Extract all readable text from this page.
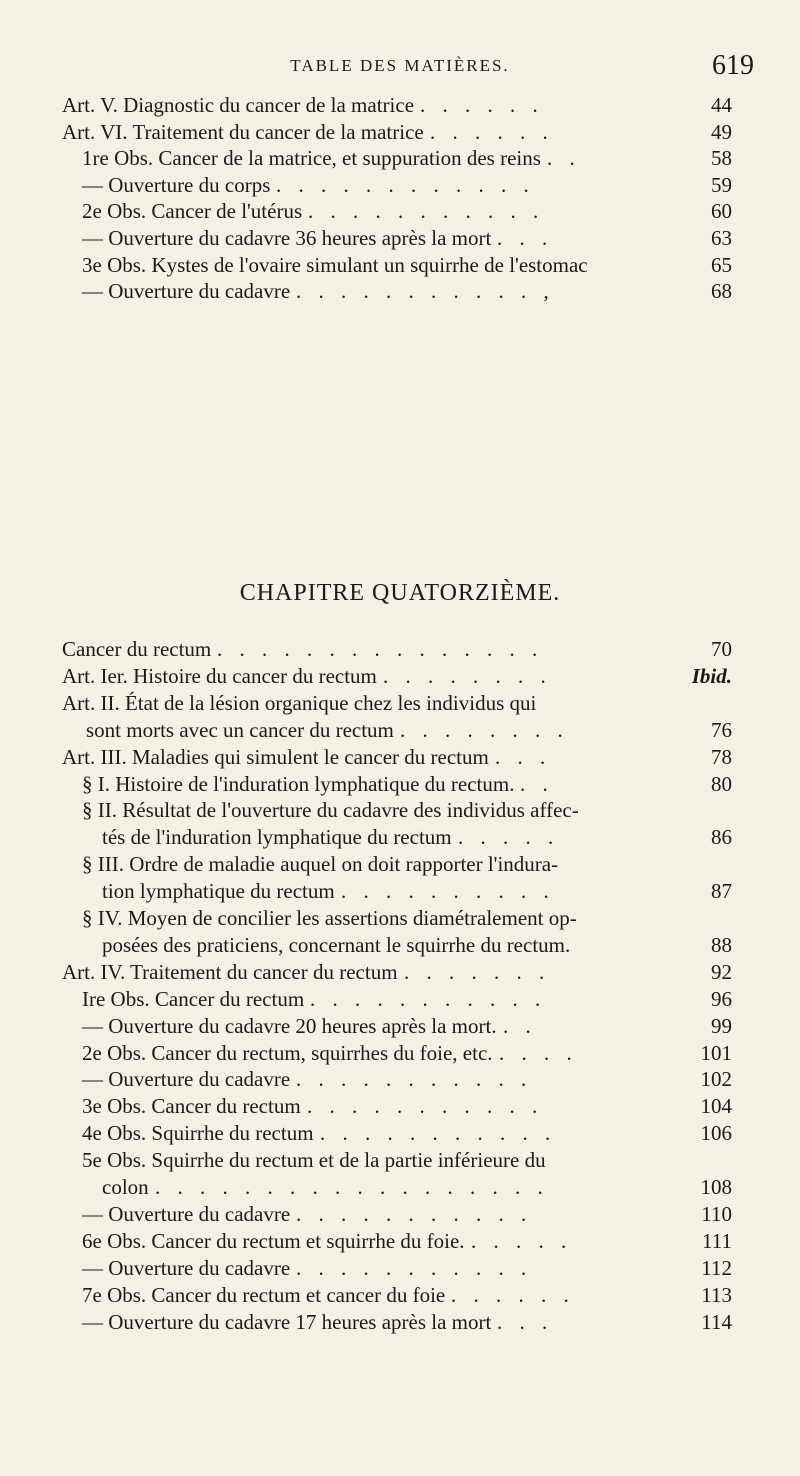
TABLE DES MATIÈRES.	619
Art. V. Diagnostic du cancer de la matrice . . . . . .	44
Art. VI. Traitement du cancer de la matrice . . . . . .	49
1re Obs. Cancer de la matrice, et suppuration des reins . .	58
— Ouverture du corps . . . . . . . . . . . .	59
2e Obs. Cancer de l'utérus . . . . . . . . . . .	60
— Ouverture du cadavre 36 heures après la mort . . .	63
3e Obs. Kystes de l'ovaire simulant un squirrhe de l'estomac	65
— Ouverture du cadavre . . . . . . . . . . . ,	68
CHAPITRE QUATORZIÈME.
Cancer du rectum . . . . . . . . . . . . . . .	70
Art. Ier. Histoire du cancer du rectum . . . . . . . .	Ibid.
Art. II. État de la lésion organique chez les individus qui
sont morts avec un cancer du rectum . . . . . . . .	76
Art. III. Maladies qui simulent le cancer du rectum . . .	78
§ I. Histoire de l'induration lymphatique du rectum. . .	80
§ II. Résultat de l'ouverture du cadavre des individus affec-
tés de l'induration lymphatique du rectum . . . . .	86
§ III. Ordre de maladie auquel on doit rapporter l'indura-
tion lymphatique du rectum . . . . . . . . . .	87
§ IV. Moyen de concilier les assertions diamétralement op-
posées des praticiens, concernant le squirrhe du rectum.	88
Art. IV. Traitement du cancer du rectum . . . . . . .	92
Ire Obs. Cancer du rectum . . . . . . . . . . .	96
— Ouverture du cadavre 20 heures après la mort. . .	99
2e Obs. Cancer du rectum, squirrhes du foie, etc. . . . .	101
— Ouverture du cadavre . . . . . . . . . . .	102
3e Obs. Cancer du rectum . . . . . . . . . . .	104
4e Obs. Squirrhe du rectum . . . . . . . . . . .	106
5e Obs. Squirrhe du rectum et de la partie inférieure du
colon . . . . . . . . . . . . . . . . . .	108
— Ouverture du cadavre . . . . . . . . . . .	110
6e Obs. Cancer du rectum et squirrhe du foie. . . . . .	111
— Ouverture du cadavre . . . . . . . . . . .	112
7e Obs. Cancer du rectum et cancer du foie . . . . . .	113
— Ouverture du cadavre 17 heures après la mort . . .	114
